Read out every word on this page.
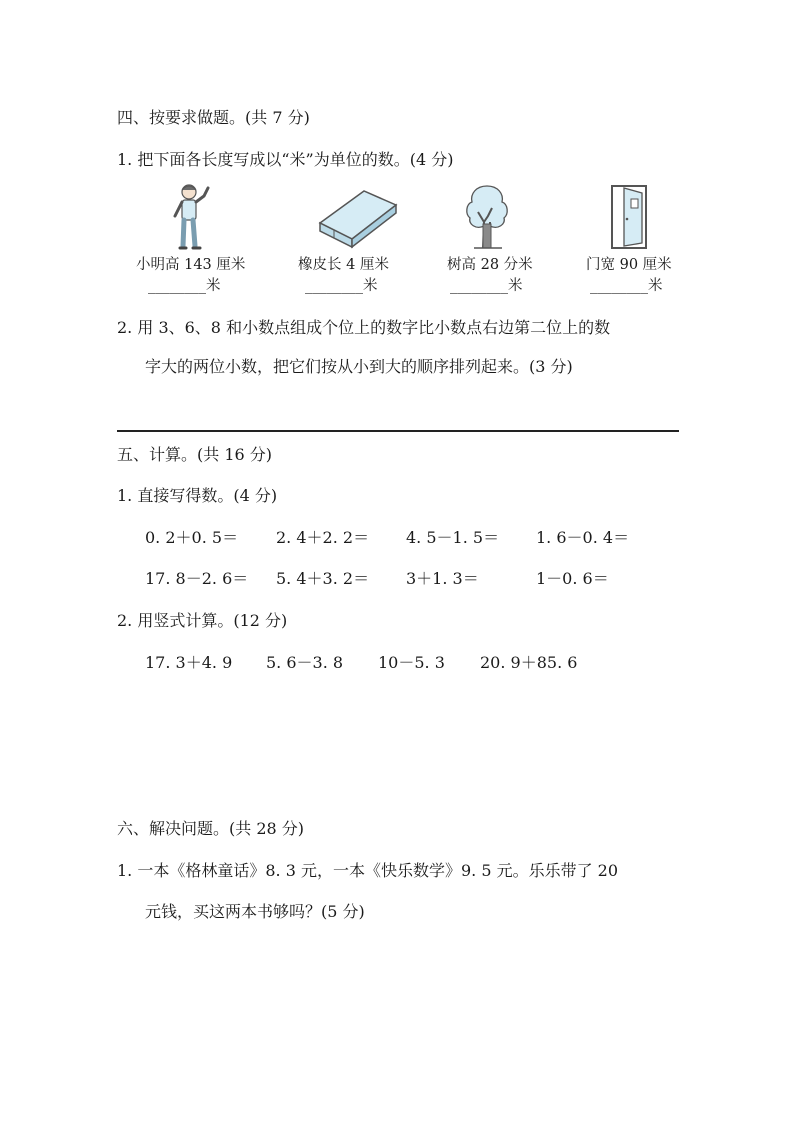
四、按要求做题。(共 7 分)
1. 把下面各长度写成以“米”为单位的数。(4 分)
小明高 143 厘米
________米
橡皮长 4 厘米
________米
树高 28 分米
________米
门宽 90 厘米
________米
2. 用 3、6、8 和小数点组成个位上的数字比小数点右边第二位上的数
字大的两位小数，把它们按从小到大的顺序排列起来。(3 分)
五、计算。(共 16 分)
1. 直接写得数。(4 分)
0. 2＋0. 5＝ 2. 4＋2. 2＝ 4. 5－1. 5＝ 1. 6－0. 4＝
17. 8－2. 6＝ 5. 4＋3. 2＝ 3＋1. 3＝	1－0. 6＝
2. 用竖式计算。(12 分)
17. 3＋4. 9 5. 6－3. 8 10－5. 3 20. 9＋85. 6
六、解决问题。(共 28 分)
1. 一本《格林童话》8. 3 元，一本《快乐数学》9. 5 元。乐乐带了 20
元钱，买这两本书够吗？(5 分)
